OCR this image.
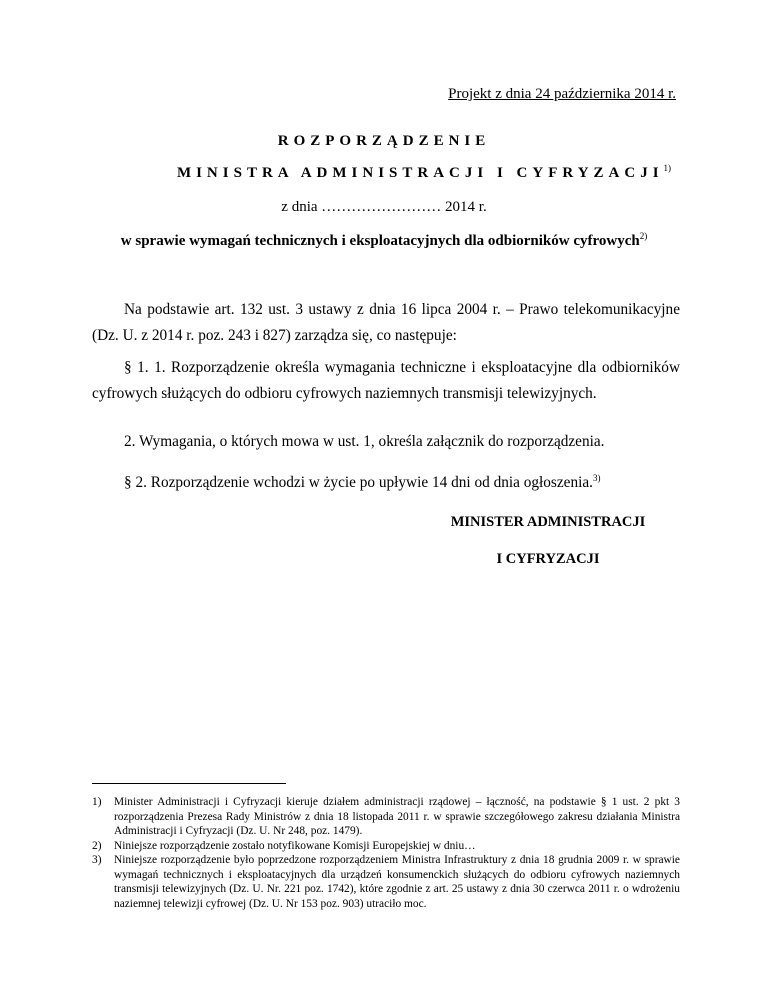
Projekt z dnia 24 października 2014 r.
ROZPORZĄDZENIE
MINISTRA ADMINISTRACJI I CYFRYZACJI$^{1)}$
z dnia …………………… 2014 r.
w sprawie wymagań technicznych i eksploatacyjnych dla odbiorników cyfrowych$^{2)}$
Na podstawie art. 132 ust. 3 ustawy z dnia 16 lipca 2004 r. – Prawo telekomunikacyjne (Dz. U. z 2014 r. poz. 243 i 827) zarządza się, co następuje:
§ 1. 1. Rozporządzenie określa wymagania techniczne i eksploatacyjne dla odbiorników cyfrowych służących do odbioru cyfrowych naziemnych transmisji telewizyjnych.
2. Wymagania, o których mowa w ust. 1, określa załącznik do rozporządzenia.
§ 2. Rozporządzenie wchodzi w życie po upływie 14 dni od dnia ogłoszenia.$^{3)}$
MINISTER ADMINISTRACJI
I CYFRYZACJI
1) Minister Administracji i Cyfryzacji kieruje działem administracji rządowej – łączność, na podstawie § 1 ust. 2 pkt 3 rozporządzenia Prezesa Rady Ministrów z dnia 18 listopada 2011 r. w sprawie szczegółowego zakresu działania Ministra Administracji i Cyfryzacji (Dz. U. Nr 248, poz. 1479).
2) Niniejsze rozporządzenie zostało notyfikowane Komisji Europejskiej w dniu…
3) Niniejsze rozporządzenie było poprzedzone rozporządzeniem Ministra Infrastruktury z dnia 18 grudnia 2009 r. w sprawie wymagań technicznych i eksploatacyjnych dla urządzeń konsumenckich służących do odbioru cyfrowych naziemnych transmisji telewizyjnych (Dz. U. Nr. 221 poz. 1742), które zgodnie z art. 25 ustawy z dnia 30 czerwca 2011 r. o wdrożeniu naziemnej telewizji cyfrowej (Dz. U. Nr 153 poz. 903) utraciło moc.
